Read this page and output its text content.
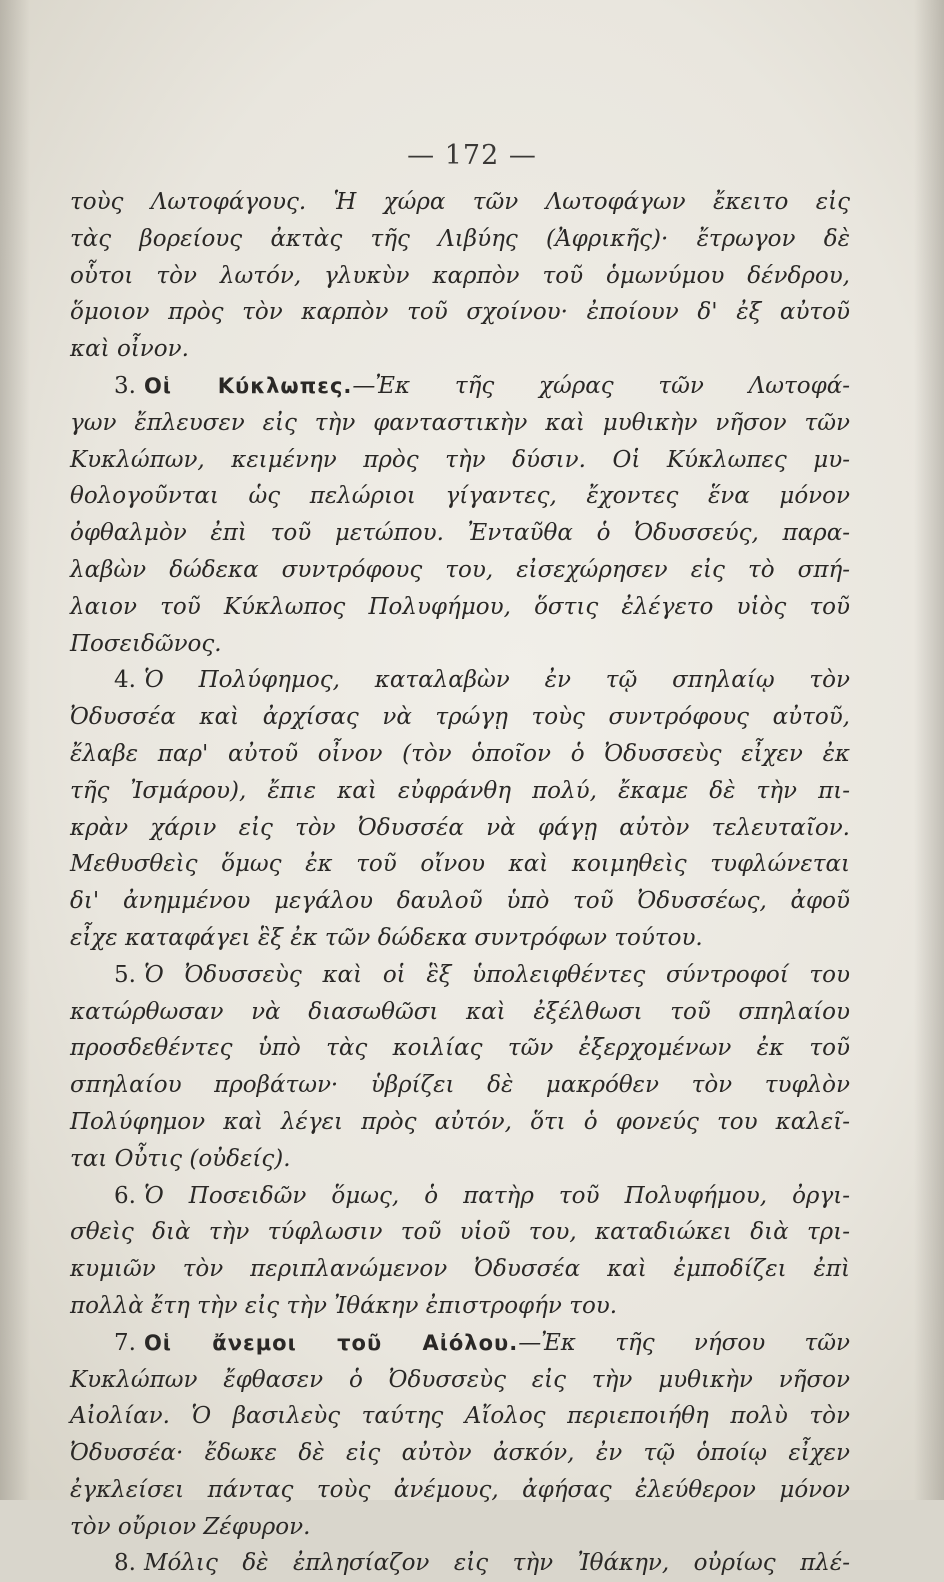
— 172 —
τοὺς Λωτοφάγους. Ἡ χώρα τῶν Λωτοφάγων ἔκειτο εἰς
τὰς βορείους ἀκτὰς τῆς Λιβύης (Ἀφρικῆς)· ἔτρωγον δὲ
οὗτοι τὸν λωτόν, γλυκὺν καρπὸν τοῦ ὁμωνύμου δένδρου,
ὅμοιον πρὸς τὸν καρπὸν τοῦ σχοίνου· ἐποίουν δ' ἐξ αὐτοῦ
καὶ οἶνον.
3. Οἱ Κύκλωπες.—Ἐκ τῆς χώρας τῶν Λωτοφά-
γων ἔπλευσεν εἰς τὴν φανταστικὴν καὶ μυθικὴν νῆσον τῶν
Κυκλώπων, κειμένην πρὸς τὴν δύσιν. Οἱ Κύκλωπες μυ-
θολογοῦνται ὡς πελώριοι γίγαντες, ἔχοντες ἕνα μόνον
ὀφθαλμὸν ἐπὶ τοῦ μετώπου. Ἐνταῦθα ὁ Ὀδυσσεύς, παρα-
λαβὼν δώδεκα συντρόφους του, εἰσεχώρησεν εἰς τὸ σπή-
λαιον τοῦ Κύκλωπος Πολυφήμου, ὅστις ἐλέγετο υἱὸς τοῦ
Ποσειδῶνος.
4. Ὁ Πολύφημος, καταλαβὼν ἐν τῷ σπηλαίῳ τὸν
Ὀδυσσέα καὶ ἀρχίσας νὰ τρώγῃ τοὺς συντρόφους αὐτοῦ,
ἔλαβε παρ' αὐτοῦ οἶνον (τὸν ὁποῖον ὁ Ὀδυσσεὺς εἶχεν ἐκ
τῆς Ἰσμάρου), ἔπιε καὶ εὐφράνθη πολύ, ἔκαμε δὲ τὴν πι-
κρὰν χάριν εἰς τὸν Ὀδυσσέα νὰ φάγῃ αὐτὸν τελευταῖον.
Μεθυσθεὶς ὅμως ἐκ τοῦ οἴνου καὶ κοιμηθεὶς τυφλώνεται
δι' ἀνημμένου μεγάλου δαυλοῦ ὑπὸ τοῦ Ὀδυσσέως, ἀφοῦ
εἶχε καταφάγει ἓξ ἐκ τῶν δώδεκα συντρόφων τούτου.
5. Ὁ Ὀδυσσεὺς καὶ οἱ ἓξ ὑπολειφθέντες σύντροφοί του
κατώρθωσαν νὰ διασωθῶσι καὶ ἐξέλθωσι τοῦ σπηλαίου
προσδεθέντες ὑπὸ τὰς κοιλίας τῶν ἐξερχομένων ἐκ τοῦ
σπηλαίου προβάτων· ὑβρίζει δὲ μακρόθεν τὸν τυφλὸν
Πολύφημον καὶ λέγει πρὸς αὐτόν, ὅτι ὁ φονεύς του καλεῖ-
ται Οὖτις (οὐδείς).
6. Ὁ Ποσειδῶν ὅμως, ὁ πατὴρ τοῦ Πολυφήμου, ὀργι-
σθεὶς διὰ τὴν τύφλωσιν τοῦ υἱοῦ του, καταδιώκει διὰ τρι-
κυμιῶν τὸν περιπλανώμενον Ὀδυσσέα καὶ ἐμποδίζει ἐπὶ
πολλὰ ἔτη τὴν εἰς τὴν Ἰθάκην ἐπιστροφήν του.
7. Οἱ ἄνεμοι τοῦ Αἰόλου.—Ἐκ τῆς νήσου τῶν
Κυκλώπων ἔφθασεν ὁ Ὀδυσσεὺς εἰς τὴν μυθικὴν νῆσον
Αἰολίαν. Ὁ βασιλεὺς ταύτης Αἴολος περιεποιήθη πολὺ τὸν
Ὀδυσσέα· ἔδωκε δὲ εἰς αὐτὸν ἀσκόν, ἐν τῷ ὁποίῳ εἶχεν
ἐγκλείσει πάντας τοὺς ἀνέμους, ἀφήσας ἐλεύθερον μόνον
τὸν οὔριον Ζέφυρον.
8. Μόλις δὲ ἐπλησίαζον εἰς τὴν Ἰθάκην, οὐρίως πλέ-
